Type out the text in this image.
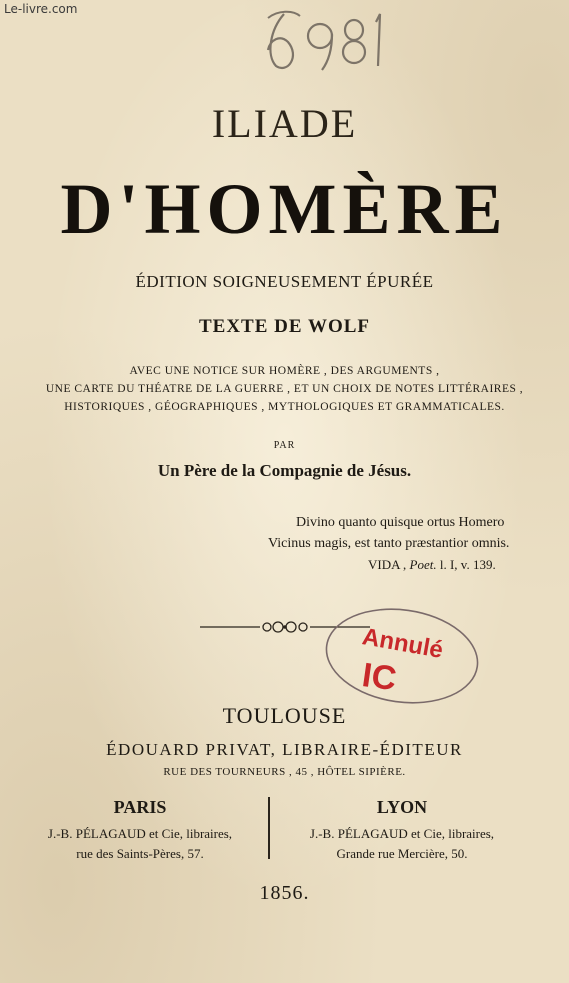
Le-livre.com
ILIADE
D'HOMÈRE
ÉDITION SOIGNEUSEMENT ÉPURÉE
TEXTE DE WOLF
AVEC UNE NOTICE SUR HOMÈRE , DES ARGUMENTS ,
UNE CARTE DU THÉATRE DE LA GUERRE , ET UN CHOIX DE NOTES LITTÉRAIRES ,
HISTORIQUES , GÉOGRAPHIQUES , MYTHOLOGIQUES ET GRAMMATICALES.
PAR
Un Père de la Compagnie de Jésus.
Divino quanto quisque ortus Homero
Vicinus magis, est tanto præstantior omnis.
VIDA , Poet. l. I, v. 139.
Annulé
IC
TOULOUSE
ÉDOUARD PRIVAT, LIBRAIRE-ÉDITEUR
RUE DES TOURNEURS , 45 , HÔTEL SIPIÈRE.
PARIS
J.-B. PÉLAGAUD et Cie, libraires,
rue des Saints-Pères, 57.
LYON
J.-B. PÉLAGAUD et Cie, libraires,
Grande rue Mercière, 50.
1856.
